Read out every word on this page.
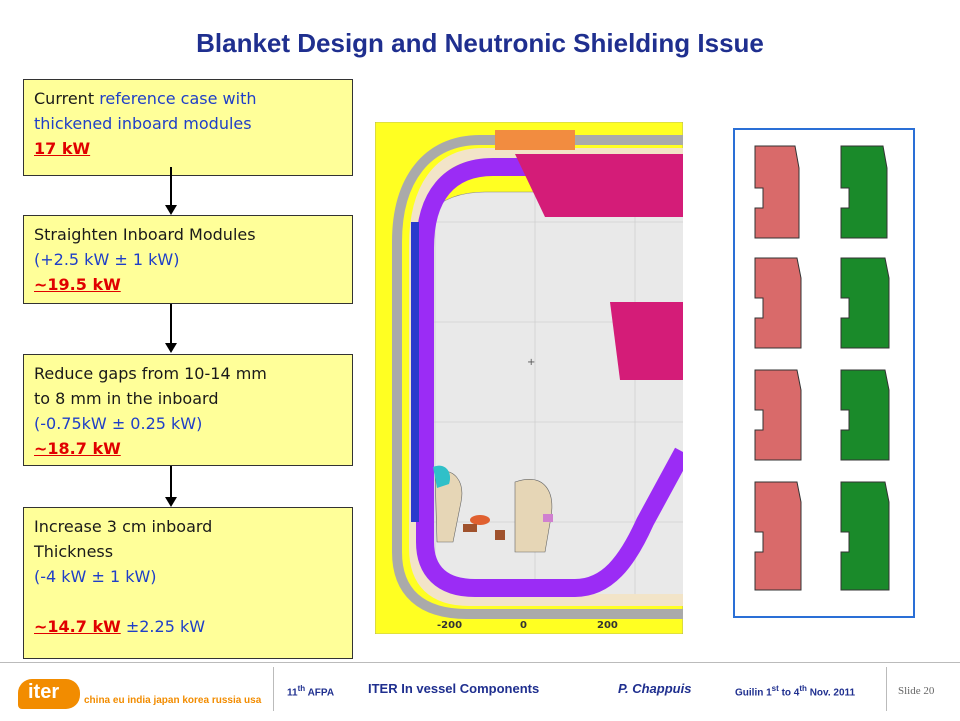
Blanket Design and Neutronic Shielding Issue
Current reference case with
thickened inboard modules
17 kW
Straighten Inboard Modules
(+2.5 kW ± 1 kW)
~19.5 kW
Reduce gaps from 10-14 mm
to 8 mm in the inboard
(-0.75kW ± 0.25 kW)
~18.7 kW
Increase 3 cm inboard
Thickness
(-4 kW ± 1 kW)
~14.7 kW ±2.25 kW
+
-200	0	200
iter china eu india japan korea russia usa
11th AFPA	ITER In vessel Components	P. Chappuis	Guilin 1st to 4th Nov. 2011	Slide 20
